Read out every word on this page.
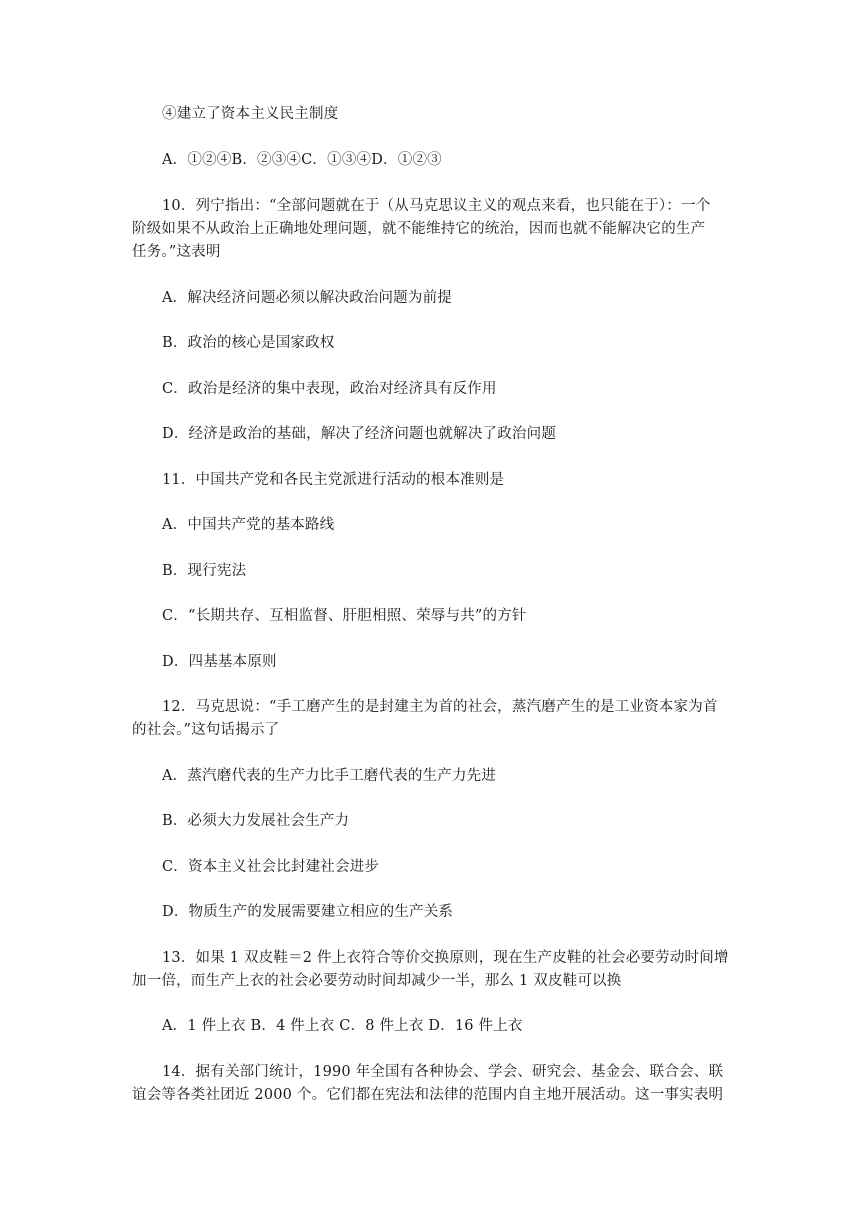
④建立了资本主义民主制度
A．①②④B．②③④C．①③④D．①②③
10．列宁指出：“全部问题就在于（从马克思议主义的观点来看，也只能在于）：一个
阶级如果不从政治上正确地处理问题，就不能维持它的统治，因而也就不能解决它的生产
任务。”这表明
A．解决经济问题必须以解决政治问题为前提
B．政治的核心是国家政权
C．政治是经济的集中表现，政治对经济具有反作用
D．经济是政治的基础，解决了经济问题也就解决了政治问题
11．中国共产党和各民主党派进行活动的根本准则是
A．中国共产党的基本路线
B．现行宪法
C．“长期共存、互相监督、肝胆相照、荣辱与共”的方针
D．四基基本原则
12．马克思说：“手工磨产生的是封建主为首的社会，蒸汽磨产生的是工业资本家为首
的社会。”这句话揭示了
A．蒸汽磨代表的生产力比手工磨代表的生产力先进
B．必须大力发展社会生产力
C．资本主义社会比封建社会进步
D．物质生产的发展需要建立相应的生产关系
13．如果 1 双皮鞋＝2 件上衣符合等价交换原则，现在生产皮鞋的社会必要劳动时间增
加一倍，而生产上衣的社会必要劳动时间却减少一半，那么 1 双皮鞋可以换
A．1 件上衣 B．4 件上衣 C．8 件上衣 D．16 件上衣
14．据有关部门统计，1990 年全国有各种协会、学会、研究会、基金会、联合会、联
谊会等各类社团近 2000 个。它们都在宪法和法律的范围内自主地开展活动。这一事实表明
